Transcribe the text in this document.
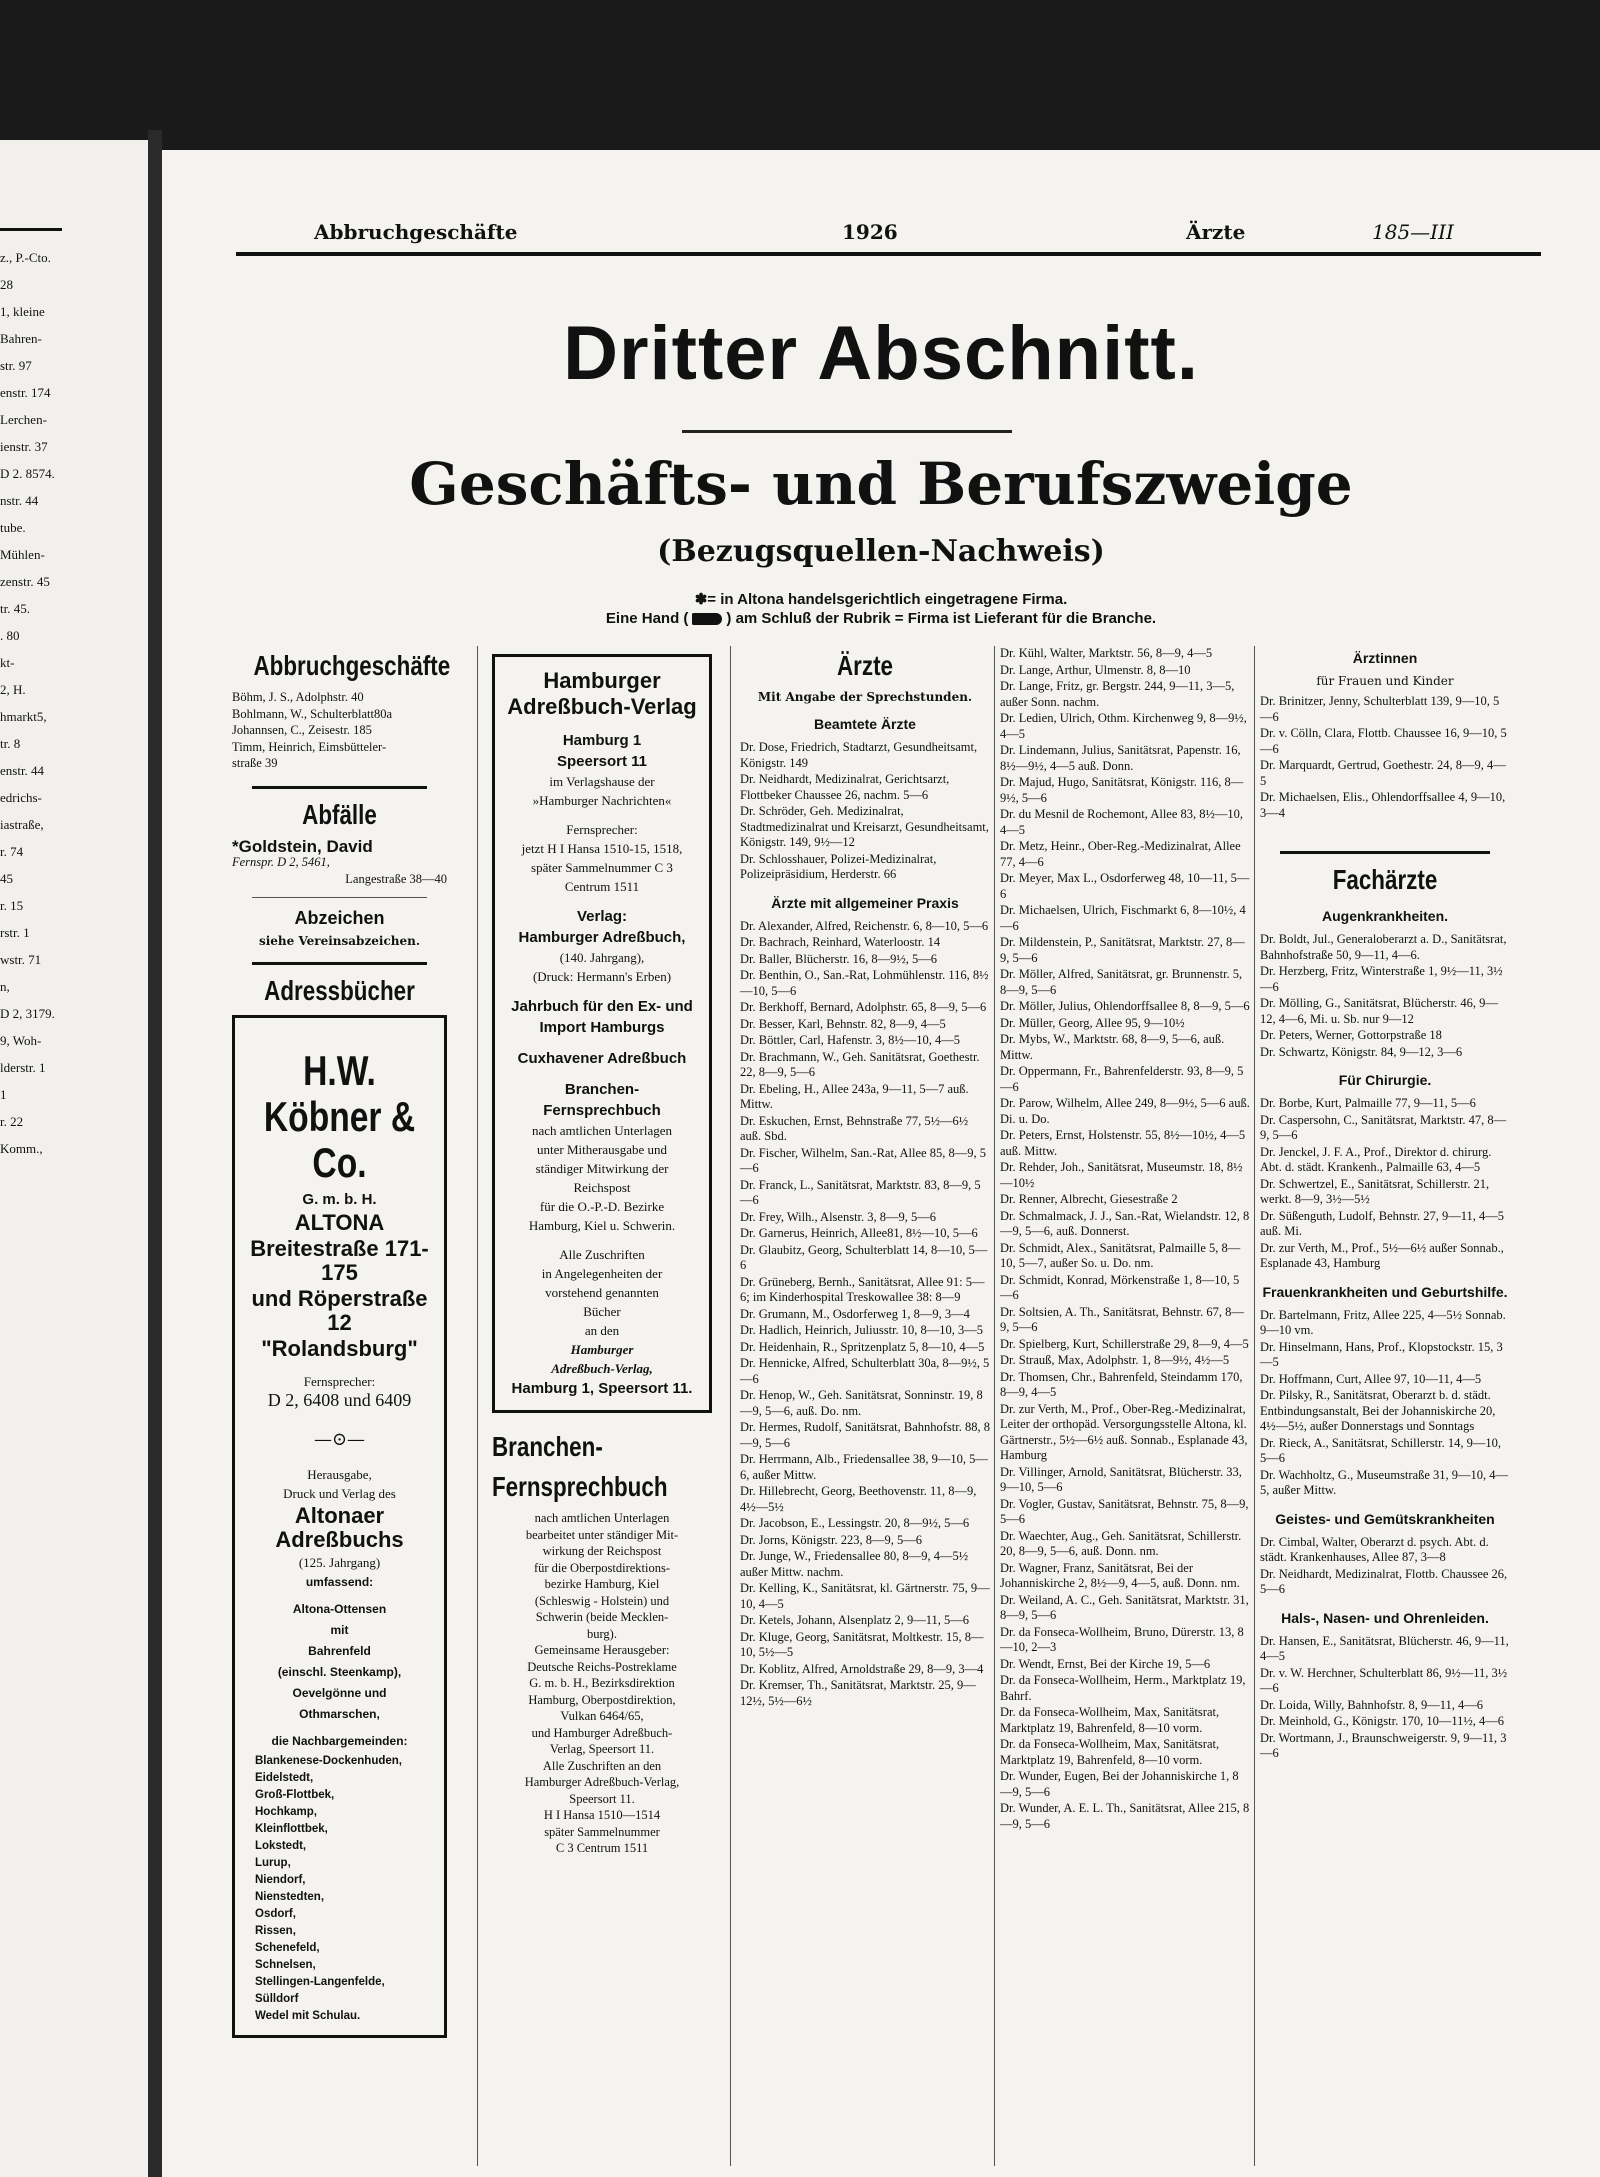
z., P.-Cto.
28
1, kleine
Bahren-
str. 97
enstr. 174
Lerchen-
ienstr. 37
D 2. 8574.
nstr. 44
tube.
Mühlen-
zenstr. 45
tr. 45.
. 80
kt-
2, H.
hmarkt5,
tr. 8
enstr. 44
edrichs-
iastraße,
r. 74
45
r. 15
rstr. 1
wstr. 71
n,
D 2, 3179.
9, Woh-
lderstr. 1
1
r. 22
Komm.,
Abbruchgeschäfte	1926	Ärzte	185—III
Dritter Abschnitt.
Geschäfts- und Berufszweige
(Bezugsquellen-Nachweis)
✽= in Altona handelsgerichtlich eingetragene Firma.
Eine Hand (	) am Schluß der Rubrik = Firma ist Lieferant für die Branche.
Abbruchgeschäfte
Böhm, J. S., Adolphstr. 40
Bohlmann, W., Schulterblatt80a
Johannsen, C., Zeisestr. 185
Timm, Heinrich, Eimsbütteler-
straße 39
Abfälle
*Goldstein, David
Fernspr. D 2, 5461,
Langestraße 38—40
Abzeichen
siehe Vereinsabzeichen.
Adressbücher
H.W. Köbner & Co.
G. m. b. H.
ALTONA
Breitestraße 171-175
und Röperstraße 12
"Rolandsburg"
Fernsprecher:
D 2, 6408 und 6409
—⊙—
Herausgabe,
Druck und Verlag des
Altonaer Adreßbuchs
(125. Jahrgang)
umfassend:
Altona-Ottensen
mit
Bahrenfeld
(einschl. Steenkamp),
Oevelgönne und
Othmarschen,
die Nachbargemeinden:
Blankenese-Dockenhuden,
Eidelstedt,
Groß-Flottbek,
Hochkamp,
Kleinflottbek,
Lokstedt,
Lurup,
Niendorf,
Nienstedten,
Osdorf,
Rissen,
Schenefeld,
Schnelsen,
Stellingen-Langenfelde,
Sülldorf
Wedel mit Schulau.
Hamburger
Adreßbuch-Verlag
Hamburg 1
Speersort 11
im Verlagshause der
»Hamburger Nachrichten«
Fernsprecher:
jetzt H I Hansa 1510-15, 1518,
später Sammelnummer C 3
Centrum 1511
Verlag:
Hamburger Adreßbuch,
(140. Jahrgang),
(Druck: Hermann's Erben)
Jahrbuch für den Ex- und
Import Hamburgs
Cuxhavener Adreßbuch
Branchen-
Fernsprechbuch
nach amtlichen Unterlagen
unter Mitherausgabe und
ständiger Mitwirkung der
Reichspost
für die O.-P.-D. Bezirke
Hamburg, Kiel u. Schwerin.
Alle Zuschriften
in Angelegenheiten der
vorstehend genannten
Bücher
an den
Hamburger
Adreßbuch-Verlag,
Hamburg 1, Speersort 11.
Branchen-
Fernsprechbuch
nach amtlichen Unterlagen
bearbeitet unter ständiger Mit-
wirkung der Reichspost
für die Oberpostdirektions-
bezirke Hamburg, Kiel
(Schleswig - Holstein) und
Schwerin (beide Mecklen-
burg).
Gemeinsame Herausgeber:
Deutsche Reichs-Postreklame
G. m. b. H., Bezirksdirektion
Hamburg, Oberpostdirektion,
Vulkan 6464/65,
und Hamburger Adreßbuch-
Verlag, Speersort 11.
Alle Zuschriften an den
Hamburger Adreßbuch-Verlag,
Speersort 11.
H I Hansa 1510—1514
später Sammelnummer
C 3 Centrum 1511
Ärzte
Mit Angabe der Sprechstunden.
Beamtete Ärzte
Dr. Dose, Friedrich, Stadtarzt, Gesundheitsamt, Königstr. 149
Dr. Neidhardt, Medizinalrat, Gerichtsarzt, Flottbeker Chaussee 26, nachm. 5—6
Dr. Schröder, Geh. Medizinalrat, Stadtmedizinalrat und Kreisarzt, Gesundheitsamt, Königstr. 149, 9½—12
Dr. Schlosshauer, Polizei-Medizinalrat, Polizeipräsidium, Herderstr. 66
Ärzte mit allgemeiner Praxis
Dr. Alexander, Alfred, Reichenstr. 6, 8—10, 5—6
Dr. Bachrach, Reinhard, Waterloostr. 14
Dr. Baller, Blücherstr. 16, 8—9½, 5—6
Dr. Benthin, O., San.-Rat, Lohmühlenstr. 116, 8½—10, 5—6
Dr. Berkhoff, Bernard, Adolphstr. 65, 8—9, 5—6
Dr. Besser, Karl, Behnstr. 82, 8—9, 4—5
Dr. Böttler, Carl, Hafenstr. 3, 8½—10, 4—5
Dr. Brachmann, W., Geh. Sanitätsrat, Goethestr. 22, 8—9, 5—6
Dr. Ebeling, H., Allee 243a, 9—11, 5—7 auß. Mittw.
Dr. Eskuchen, Ernst, Behnstraße 77, 5½—6½ auß. Sbd.
Dr. Fischer, Wilhelm, San.-Rat, Allee 85, 8—9, 5—6
Dr. Franck, L., Sanitätsrat, Marktstr. 83, 8—9, 5—6
Dr. Frey, Wilh., Alsenstr. 3, 8—9, 5—6
Dr. Garnerus, Heinrich, Allee81, 8½—10, 5—6
Dr. Glaubitz, Georg, Schulterblatt 14, 8—10, 5—6
Dr. Grüneberg, Bernh., Sanitätsrat, Allee 91: 5—6; im Kinderhospital Treskowallee 38: 8—9
Dr. Grumann, M., Osdorferweg 1, 8—9, 3—4
Dr. Hadlich, Heinrich, Juliusstr. 10, 8—10, 3—5
Dr. Heidenhain, R., Spritzenplatz 5, 8—10, 4—5
Dr. Hennicke, Alfred, Schulterblatt 30a, 8—9½, 5—6
Dr. Henop, W., Geh. Sanitätsrat, Sonninstr. 19, 8—9, 5—6, auß. Do. nm.
Dr. Hermes, Rudolf, Sanitätsrat, Bahnhofstr. 88, 8—9, 5—6
Dr. Herrmann, Alb., Friedensallee 38, 9—10, 5—6, außer Mittw.
Dr. Hillebrecht, Georg, Beethovenstr. 11, 8—9, 4½—5½
Dr. Jacobson, E., Lessingstr. 20, 8—9½, 5—6
Dr. Jorns, Königstr. 223, 8—9, 5—6
Dr. Junge, W., Friedensallee 80, 8—9, 4—5½ außer Mittw. nachm.
Dr. Kelling, K., Sanitätsrat, kl. Gärtnerstr. 75, 9—10, 4—5
Dr. Ketels, Johann, Alsenplatz 2, 9—11, 5—6
Dr. Kluge, Georg, Sanitätsrat, Moltkestr. 15, 8—10, 5½—5
Dr. Koblitz, Alfred, Arnoldstraße 29, 8—9, 3—4
Dr. Kremser, Th., Sanitätsrat, Marktstr. 25, 9—12½, 5½—6½
Dr. Kühl, Walter, Marktstr. 56, 8—9, 4—5
Dr. Lange, Arthur, Ulmenstr. 8, 8—10
Dr. Lange, Fritz, gr. Bergstr. 244, 9—11, 3—5, außer Sonn. nachm.
Dr. Ledien, Ulrich, Othm. Kirchenweg 9, 8—9½, 4—5
Dr. Lindemann, Julius, Sanitätsrat, Papenstr. 16, 8½—9½, 4—5 auß. Donn.
Dr. Majud, Hugo, Sanitätsrat, Königstr. 116, 8—9½, 5—6
Dr. du Mesnil de Rochemont, Allee 83, 8½—10, 4—5
Dr. Metz, Heinr., Ober-Reg.-Medizinalrat, Allee 77, 4—6
Dr. Meyer, Max L., Osdorferweg 48, 10—11, 5—6
Dr. Michaelsen, Ulrich, Fischmarkt 6, 8—10½, 4—6
Dr. Mildenstein, P., Sanitätsrat, Marktstr. 27, 8—9, 5—6
Dr. Möller, Alfred, Sanitätsrat, gr. Brunnenstr. 5, 8—9, 5—6
Dr. Möller, Julius, Ohlendorffsallee 8, 8—9, 5—6
Dr. Müller, Georg, Allee 95, 9—10½
Dr. Mybs, W., Marktstr. 68, 8—9, 5—6, auß. Mittw.
Dr. Oppermann, Fr., Bahrenfelderstr. 93, 8—9, 5—6
Dr. Parow, Wilhelm, Allee 249, 8—9½, 5—6 auß. Di. u. Do.
Dr. Peters, Ernst, Holstenstr. 55, 8½—10½, 4—5 auß. Mittw.
Dr. Rehder, Joh., Sanitätsrat, Museumstr. 18, 8½—10½
Dr. Renner, Albrecht, Giesestraße 2
Dr. Schmalmack, J. J., San.-Rat, Wielandstr. 12, 8—9, 5—6, auß. Donnerst.
Dr. Schmidt, Alex., Sanitätsrat, Palmaille 5, 8—10, 5—7, außer So. u. Do. nm.
Dr. Schmidt, Konrad, Mörkenstraße 1, 8—10, 5—6
Dr. Soltsien, A. Th., Sanitätsrat, Behnstr. 67, 8—9, 5—6
Dr. Spielberg, Kurt, Schillerstraße 29, 8—9, 4—5
Dr. Strauß, Max, Adolphstr. 1, 8—9½, 4½—5
Dr. Thomsen, Chr., Bahrenfeld, Steindamm 170, 8—9, 4—5
Dr. zur Verth, M., Prof., Ober-Reg.-Medizinalrat, Leiter der orthopäd. Versorgungsstelle Altona, kl. Gärtnerstr., 5½—6½ auß. Sonnab., Esplanade 43, Hamburg
Dr. Villinger, Arnold, Sanitätsrat, Blücherstr. 33, 9—10, 5—6
Dr. Vogler, Gustav, Sanitätsrat, Behnstr. 75, 8—9, 5—6
Dr. Waechter, Aug., Geh. Sanitätsrat, Schillerstr. 20, 8—9, 5—6, auß. Donn. nm.
Dr. Wagner, Franz, Sanitätsrat, Bei der Johanniskirche 2, 8½—9, 4—5, auß. Donn. nm.
Dr. Weiland, A. C., Geh. Sanitätsrat, Marktstr. 31, 8—9, 5—6
Dr. da Fonseca-Wollheim, Bruno, Dürerstr. 13, 8—10, 2—3
Dr. Wendt, Ernst, Bei der Kirche 19, 5—6
Dr. da Fonseca-Wollheim, Herm., Marktplatz 19, Bahrf.
Dr. da Fonseca-Wollheim, Max, Sanitätsrat, Marktplatz 19, Bahrenfeld, 8—10 vorm.
Dr. da Fonseca-Wollheim, Max, Sanitätsrat, Marktplatz 19, Bahrenfeld, 8—10 vorm.
Dr. Wunder, Eugen, Bei der Johanniskirche 1, 8—9, 5—6
Dr. Wunder, A. E. L. Th., Sanitätsrat, Allee 215, 8—9, 5—6
Ärztinnen
für Frauen und Kinder
Dr. Brinitzer, Jenny, Schulterblatt 139, 9—10, 5—6
Dr. v. Cölln, Clara, Flottb. Chaussee 16, 9—10, 5—6
Dr. Marquardt, Gertrud, Goethestr. 24, 8—9, 4—5
Dr. Michaelsen, Elis., Ohlendorffsallee 4, 9—10, 3—4
Fachärzte
Augenkrankheiten.
Dr. Boldt, Jul., Generaloberarzt a. D., Sanitätsrat, Bahnhofstraße 50, 9—11, 4—6.
Dr. Herzberg, Fritz, Winterstraße 1, 9½—11, 3½—6
Dr. Mölling, G., Sanitätsrat, Blücherstr. 46, 9—12, 4—6, Mi. u. Sb. nur 9—12
Dr. Peters, Werner, Gottorpstraße 18
Dr. Schwartz, Königstr. 84, 9—12, 3—6
Für Chirurgie.
Dr. Borbe, Kurt, Palmaille 77, 9—11, 5—6
Dr. Caspersohn, C., Sanitätsrat, Marktstr. 47, 8—9, 5—6
Dr. Jenckel, J. F. A., Prof., Direktor d. chirurg. Abt. d. städt. Krankenh., Palmaille 63, 4—5
Dr. Schwertzel, E., Sanitätsrat, Schillerstr. 21, werkt. 8—9, 3½—5½
Dr. Süßenguth, Ludolf, Behnstr. 27, 9—11, 4—5 auß. Mi.
Dr. zur Verth, M., Prof., 5½—6½ außer Sonnab., Esplanade 43, Hamburg
Frauenkrankheiten und Geburtshilfe.
Dr. Bartelmann, Fritz, Allee 225, 4—5½ Sonnab. 9—10 vm.
Dr. Hinselmann, Hans, Prof., Klopstockstr. 15, 3—5
Dr. Hoffmann, Curt, Allee 97, 10—11, 4—5
Dr. Pilsky, R., Sanitätsrat, Oberarzt b. d. städt. Entbindungsanstalt, Bei der Johanniskirche 20, 4½—5½, außer Donnerstags und Sonntags
Dr. Rieck, A., Sanitätsrat, Schillerstr. 14, 9—10, 5—6
Dr. Wachholtz, G., Museumstraße 31, 9—10, 4—5, außer Mittw.
Geistes- und Gemütskrankheiten
Dr. Cimbal, Walter, Oberarzt d. psych. Abt. d. städt. Krankenhauses, Allee 87, 3—8
Dr. Neidhardt, Medizinalrat, Flottb. Chaussee 26, 5—6
Hals-, Nasen- und Ohrenleiden.
Dr. Hansen, E., Sanitätsrat, Blücherstr. 46, 9—11, 4—5
Dr. v. W. Herchner, Schulterblatt 86, 9½—11, 3½—6
Dr. Loida, Willy, Bahnhofstr. 8, 9—11, 4—6
Dr. Meinhold, G., Königstr. 170, 10—11½, 4—6
Dr. Wortmann, J., Braunschweigerstr. 9, 9—11, 3—6
